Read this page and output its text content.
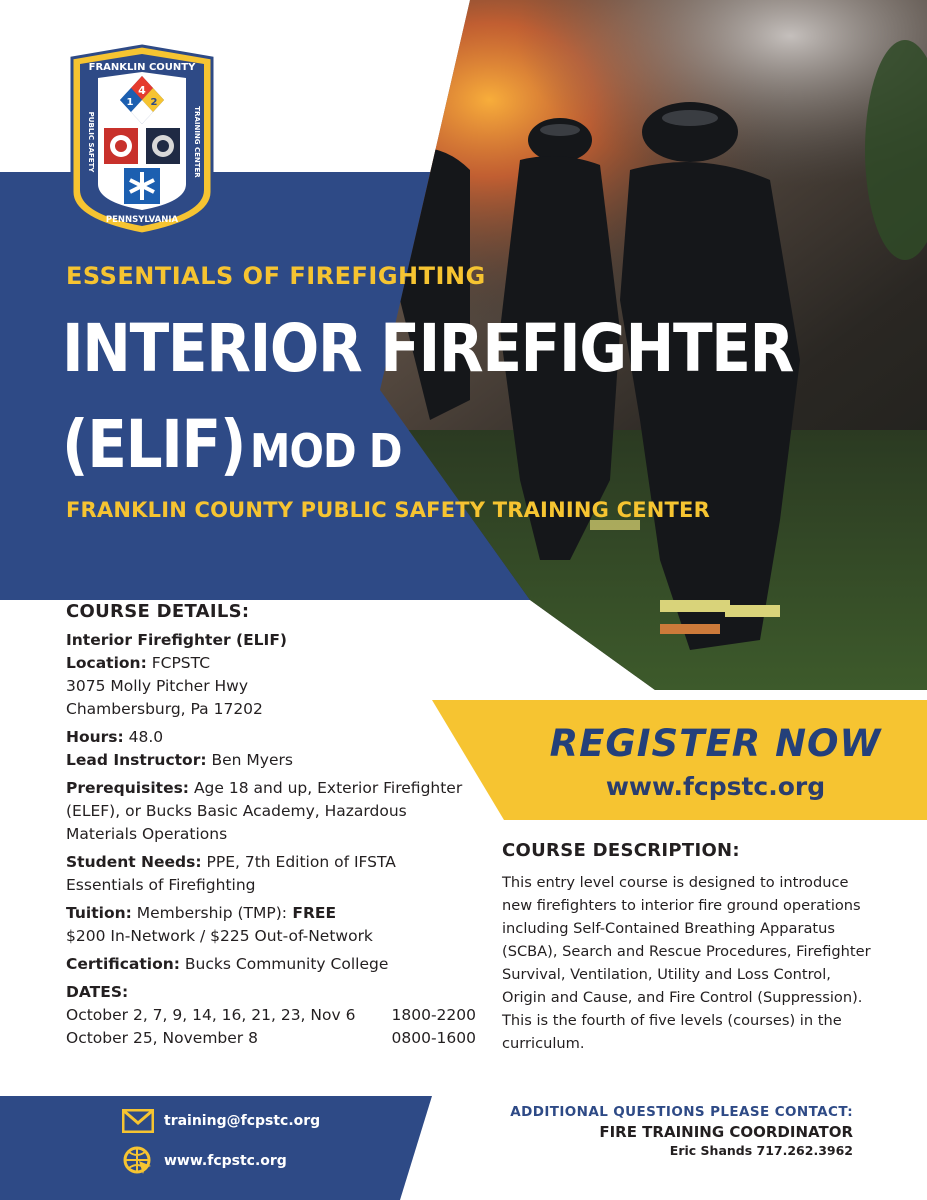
4
1 2
FRANKLIN COUNTY
PENNSYLVANIA
PUBLIC SAFETY	TRAINING CENTER
ESSENTIALS OF FIREFIGHTING
INTERIOR FIREFIGHTER
(ELIF) MOD D
FRANKLIN COUNTY PUBLIC SAFETY TRAINING CENTER
REGISTER NOW
www.fcpstc.org
COURSE DETAILS:
Interior Firefighter (ELIF)
Location: FCPSTC
3075 Molly Pitcher Hwy
Chambersburg, Pa 17202
Hours: 48.0
Lead Instructor: Ben Myers
Prerequisites: Age 18 and up, Exterior Firefighter
(ELEF), or Bucks Basic Academy, Hazardous
Materials Operations
Student Needs: PPE, 7th Edition of IFSTA
Essentials of Firefighting
Tuition: Membership (TMP): FREE
$200 In-Network / $225 Out-of-Network
Certification: Bucks Community College
DATES:
October 2, 7, 9, 14, 16, 21, 23, Nov 6 1800-2200
October 25, November 8	0800-1600
COURSE DESCRIPTION:

This entry level course is designed to introduce new firefighters to interior fire ground operations including Self-Contained Breathing Apparatus (SCBA), Search and Rescue Procedures, Firefighter Survival, Ventilation, Utility and Loss Control, Origin and Cause, and Fire Control (Suppression). This is the fourth of five levels (courses) in the curriculum.

training@fcpstc.org
www.fcpstc.org
ADDITIONAL QUESTIONS PLEASE CONTACT:
FIRE TRAINING COORDINATOR
Eric Shands 717.262.3962
